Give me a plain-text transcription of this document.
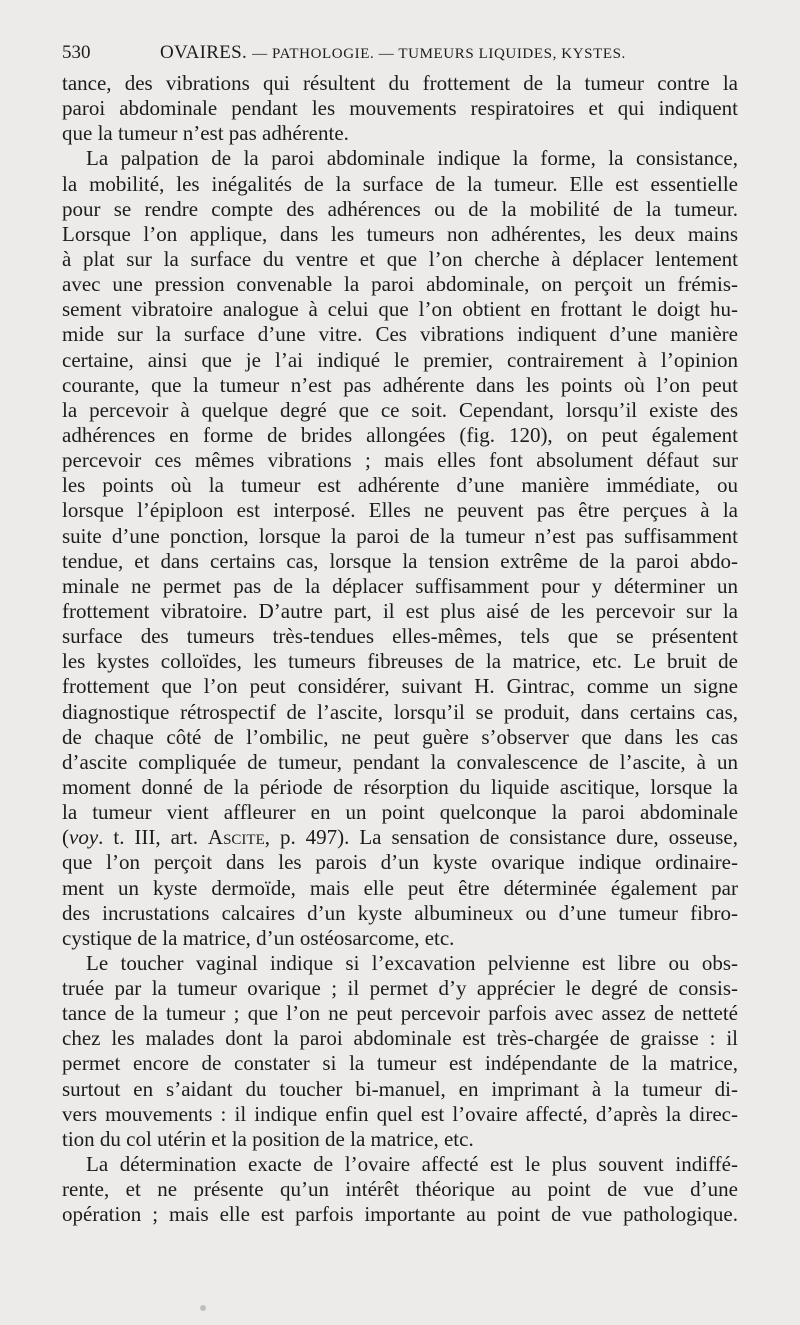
530	OVAIRES. — PATHOLOGIE. — TUMEURS LIQUIDES, KYSTES.
tance, des vibrations qui résultent du frottement de la tumeur contre la
paroi abdominale pendant les mouvements respiratoires et qui indiquent
que la tumeur n’est pas adhérente.
La palpation de la paroi abdominale indique la forme, la consistance,
la mobilité, les inégalités de la surface de la tumeur. Elle est essentielle
pour se rendre compte des adhérences ou de la mobilité de la tumeur.
Lorsque l’on applique, dans les tumeurs non adhérentes, les deux mains
à plat sur la surface du ventre et que l’on cherche à déplacer lentement
avec une pression convenable la paroi abdominale, on perçoit un frémis-
sement vibratoire analogue à celui que l’on obtient en frottant le doigt hu-
mide sur la surface d’une vitre. Ces vibrations indiquent d’une manière
certaine, ainsi que je l’ai indiqué le premier, contrairement à l’opinion
courante, que la tumeur n’est pas adhérente dans les points où l’on peut
la percevoir à quelque degré que ce soit. Cependant, lorsqu’il existe des
adhérences en forme de brides allongées (fig. 120), on peut également
percevoir ces mêmes vibrations ; mais elles font absolument défaut sur
les points où la tumeur est adhérente d’une manière immédiate, ou
lorsque l’épiploon est interposé. Elles ne peuvent pas être perçues à la
suite d’une ponction, lorsque la paroi de la tumeur n’est pas suffisamment
tendue, et dans certains cas, lorsque la tension extrême de la paroi abdo-
minale ne permet pas de la déplacer suffisamment pour y déterminer un
frottement vibratoire. D’autre part, il est plus aisé de les percevoir sur la
surface des tumeurs très-tendues elles-mêmes, tels que se présentent
les kystes colloïdes, les tumeurs fibreuses de la matrice, etc. Le bruit de
frottement que l’on peut considérer, suivant H. Gintrac, comme un signe
diagnostique rétrospectif de l’ascite, lorsqu’il se produit, dans certains cas,
de chaque côté de l’ombilic, ne peut guère s’observer que dans les cas
d’ascite compliquée de tumeur, pendant la convalescence de l’ascite, à un
moment donné de la période de résorption du liquide ascitique, lorsque la
la tumeur vient affleurer en un point quelconque la paroi abdominale
(voy. t. III, art. Ascite, p. 497). La sensation de consistance dure, osseuse,
que l’on perçoit dans les parois d’un kyste ovarique indique ordinaire-
ment un kyste dermoïde, mais elle peut être déterminée également par
des incrustations calcaires d’un kyste albumineux ou d’une tumeur fibro-
cystique de la matrice, d’un ostéosarcome, etc.
Le toucher vaginal indique si l’excavation pelvienne est libre ou obs-
truée par la tumeur ovarique ; il permet d’y apprécier le degré de consis-
tance de la tumeur ; que l’on ne peut percevoir parfois avec assez de netteté
chez les malades dont la paroi abdominale est très-chargée de graisse : il
permet encore de constater si la tumeur est indépendante de la matrice,
surtout en s’aidant du toucher bi-manuel, en imprimant à la tumeur di-
vers mouvements : il indique enfin quel est l’ovaire affecté, d’après la direc-
tion du col utérin et la position de la matrice, etc.
La détermination exacte de l’ovaire affecté est le plus souvent indiffé-
rente, et ne présente qu’un intérêt théorique au point de vue d’une
opération ; mais elle est parfois importante au point de vue pathologique.
